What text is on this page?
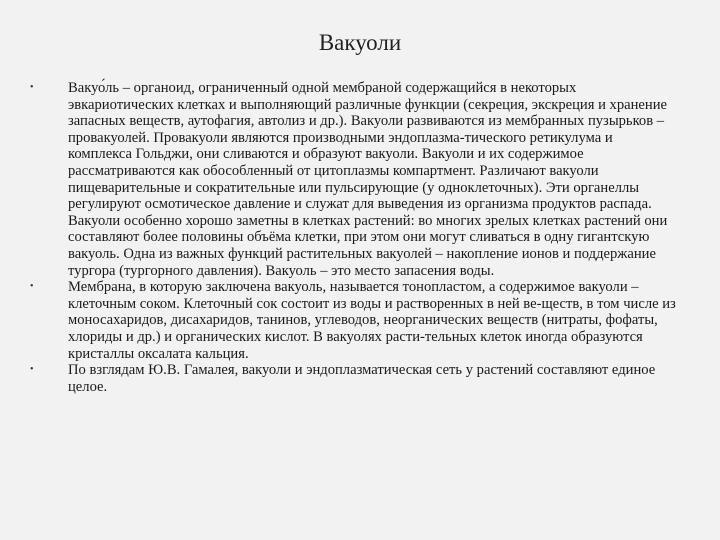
Вакуоли
•	Вакуо́ль – органоид, ограниченный одной мембраной содержащийся в некоторых эвкариотических клетках и выполняющий различные функции (секреция, экскреция и хранение запасных веществ, аутофагия, автолиз и др.). Вакуоли развиваются из мембранных пузырьков – провакуолей. Провакуоли являются производными эндоплазма-тического ретикулума и комплекса Гольджи, они сливаются и образуют вакуоли. Вакуоли и их содержимое рассматриваются как обособленный от цитоплазмы компартмент. Различают вакуоли пищеварительные и сократительные или пульсирующие (у одноклеточных). Эти органеллы регулируют осмотическое давление и служат для выведения из организма продуктов распада. Вакуоли особенно хорошо заметны в клетках растений: во многих зрелых клетках растений они составляют более половины объёма клетки, при этом они могут сливаться в одну гигантскую вакуоль. Одна из важных функций растительных вакуолей – накопление ионов и поддержание тургора (тургорного давления). Вакуоль – это место запасения воды.
•	Мембрана, в которую заключена вакуоль, называется тонопластом, а содержимое вакуоли – клеточным соком. Клеточный сок состоит из воды и растворенных в ней ве-ществ, в том числе из моносахаридов, дисахаридов, танинов, углеводов, неорганических веществ (нитраты, фофаты, хлориды и др.) и органических кислот. В вакуолях расти-тельных клеток иногда образуются кристаллы оксалата кальция.
•	По взглядам Ю.В. Гамалея, вакуоли и эндоплазматическая сеть у растений составляют единое целое.
